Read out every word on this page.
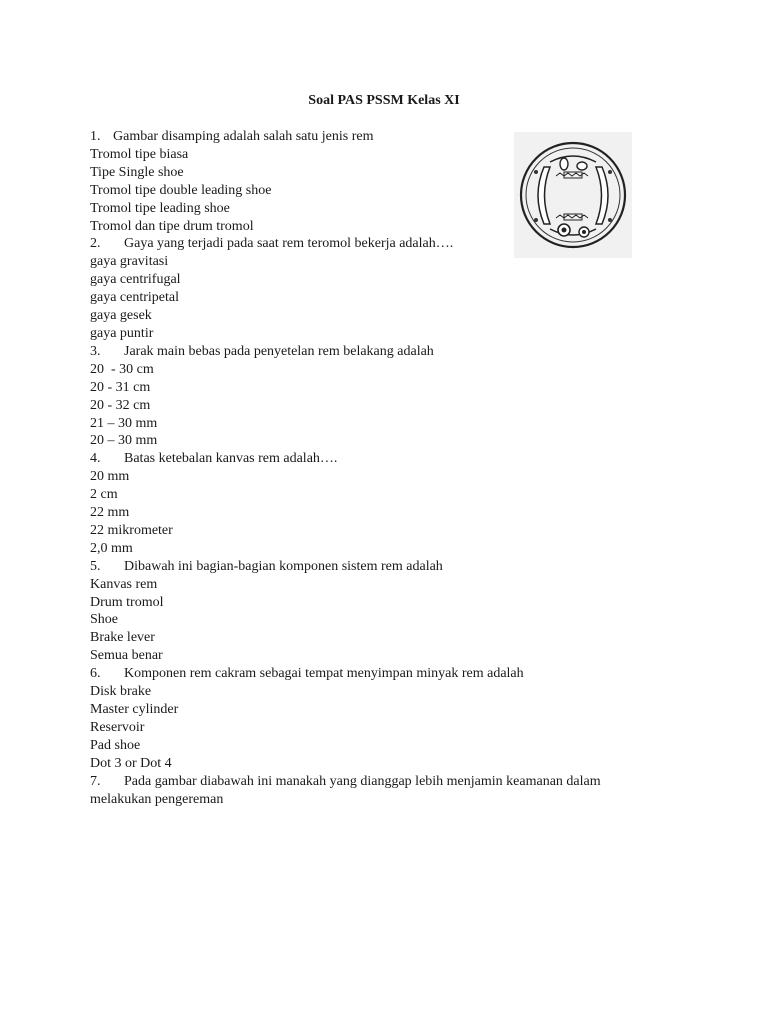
Soal PAS PSSM Kelas XI
1. Gambar disamping adalah salah satu jenis rem
Tromol tipe biasa
Tipe Single shoe
Tromol tipe double leading shoe
Tromol tipe leading shoe
Tromol dan tipe drum tromol
2. Gaya yang terjadi pada saat rem teromol bekerja adalah….
gaya gravitasi
gaya centrifugal
gaya centripetal
gaya gesek
gaya puntir
3. Jarak main bebas pada penyetelan rem belakang adalah
20  - 30 cm
20 - 31 cm
20 - 32 cm
21 – 30 mm
20 – 30 mm
4. Batas ketebalan kanvas rem adalah….
20 mm
2 cm
22 mm
22 mikrometer
2,0 mm
5. Dibawah ini bagian-bagian komponen sistem rem adalah
Kanvas rem
Drum tromol
Shoe
Brake lever
Semua benar
6. Komponen rem cakram sebagai tempat menyimpan minyak rem adalah
Disk brake
Master cylinder
Reservoir
Pad shoe
Dot 3 or Dot 4
7. Pada gambar diabawah ini manakah yang dianggap lebih menjamin keamanan dalam melakukan pengereman
